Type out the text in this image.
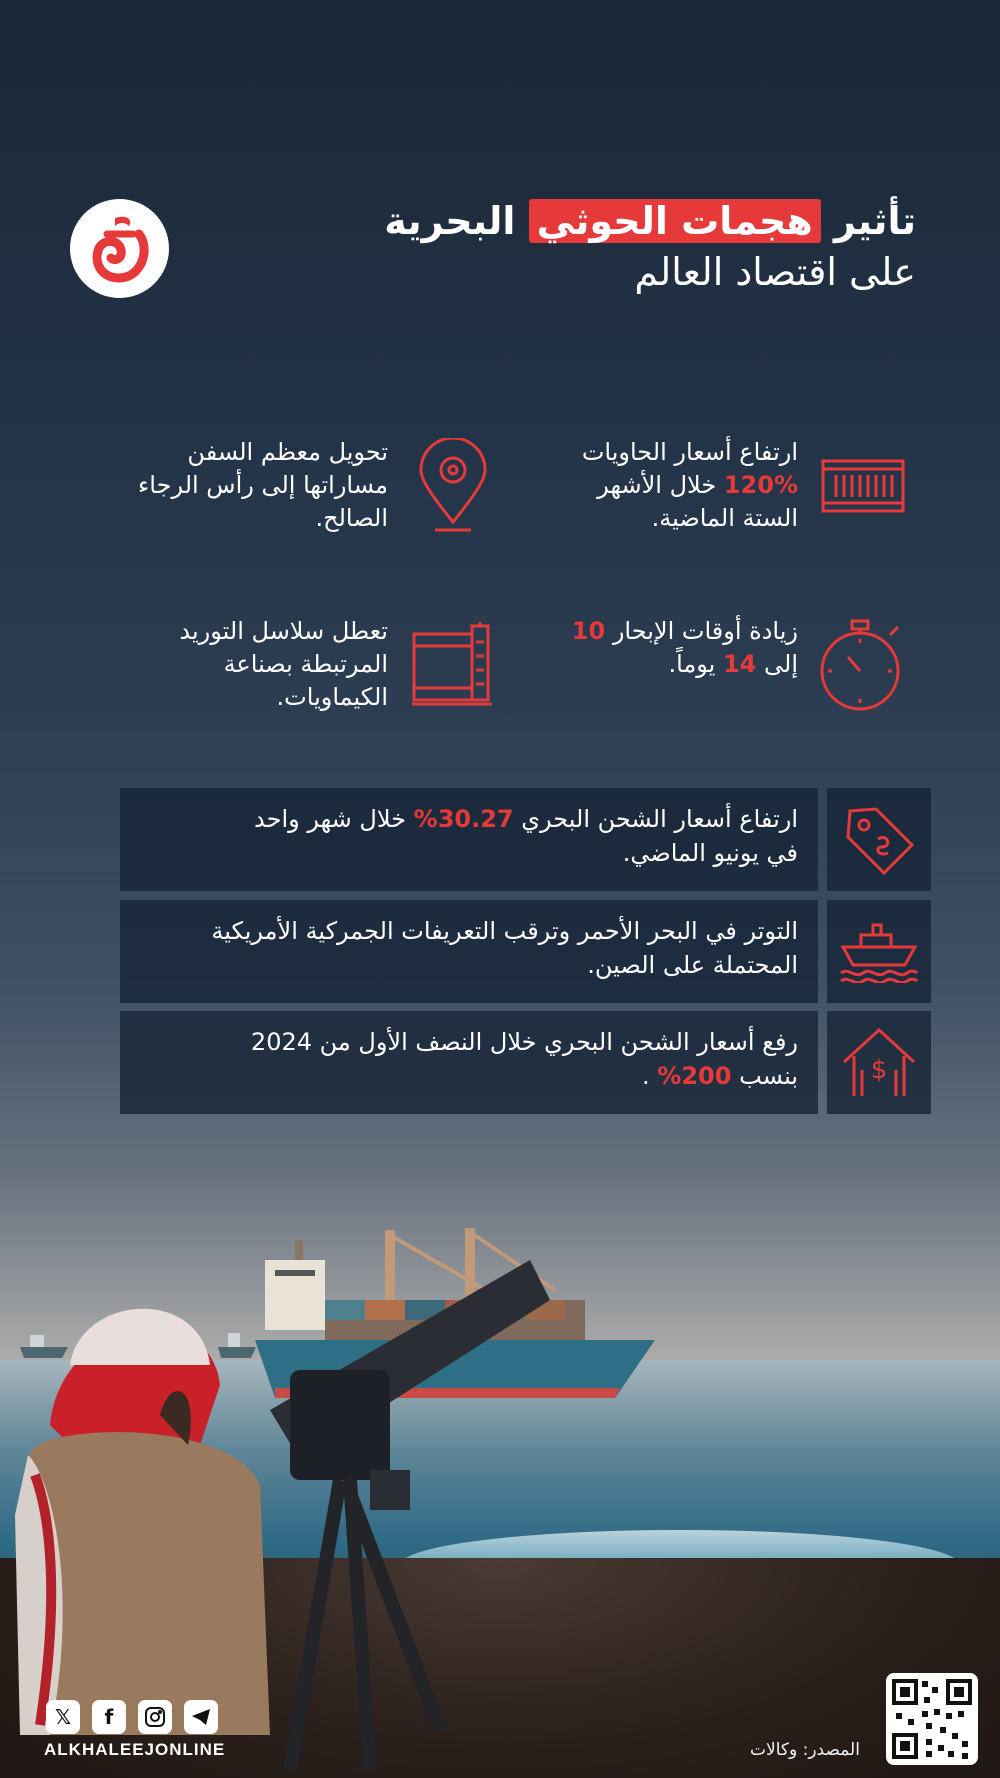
تأثير هجمات الحوثي البحرية
على اقتصاد العالم
ارتفاع أسعار الحاويات
120% خلال الأشهر
الستة الماضية.
تحويل معظم السفن
مساراتها إلى رأس الرجاء
الصالح.
زيادة أوقات الإبحار 10
إلى 14 يوماً.
تعطل سلاسل التوريد
المرتبطة بصناعة
الكيماويات.
ارتفاع أسعار الشحن البحري 30.27% خلال شهر واحد
في يونيو الماضي.
التوتر في البحر الأحمر وترقب التعريفات الجمركية الأمريكية
المحتملة على الصين.
$
رفع أسعار الشحن البحري خلال النصف الأول من 2024
بنسب 200% .
𝕏	f
ALKHALEEJONLINE	المصدر: وكالات
